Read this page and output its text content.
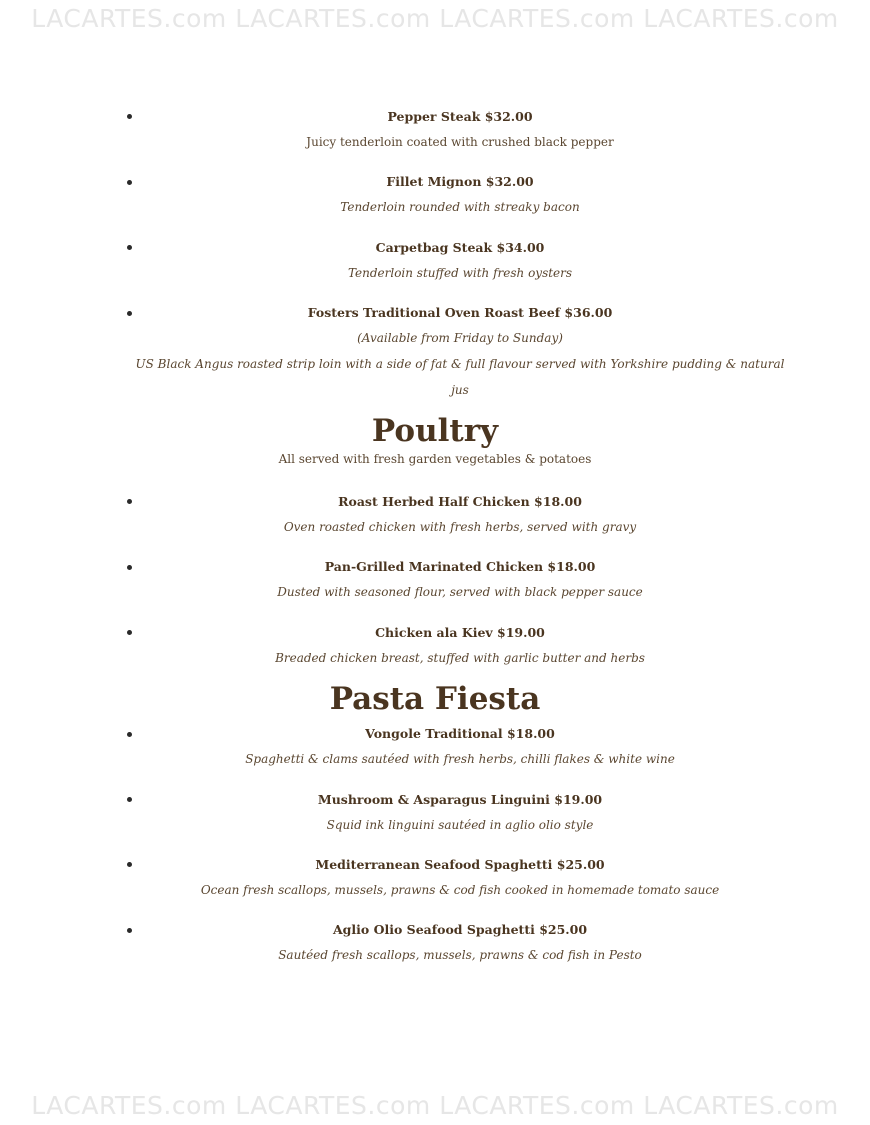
LACARTES.com LACARTES.com LACARTES.com LACARTES.com
Pepper Steak $32.00
Juicy tenderloin coated with crushed black pepper
Fillet Mignon $32.00
Tenderloin rounded with streaky bacon
Carpetbag Steak $34.00
Tenderloin stuffed with fresh oysters
Fosters Traditional Oven Roast Beef $36.00
(Available from Friday to Sunday)
US Black Angus roasted strip loin with a side of fat & full flavour served with Yorkshire pudding & natural
jus
Poultry
All served with fresh garden vegetables & potatoes
Roast Herbed Half Chicken $18.00
Oven roasted chicken with fresh herbs, served with gravy
Pan-Grilled Marinated Chicken $18.00
Dusted with seasoned flour, served with black pepper sauce
Chicken ala Kiev $19.00
Breaded chicken breast, stuffed with garlic butter and herbs
Pasta Fiesta
Vongole Traditional $18.00
Spaghetti & clams sautéed with fresh herbs, chilli flakes & white wine
Mushroom & Asparagus Linguini $19.00
Squid ink linguini sautéed in aglio olio style
Mediterranean Seafood Spaghetti $25.00
Ocean fresh scallops, mussels, prawns & cod fish cooked in homemade tomato sauce
Aglio Olio Seafood Spaghetti $25.00
Sautéed fresh scallops, mussels, prawns & cod fish in Pesto
LACARTES.com LACARTES.com LACARTES.com LACARTES.com
